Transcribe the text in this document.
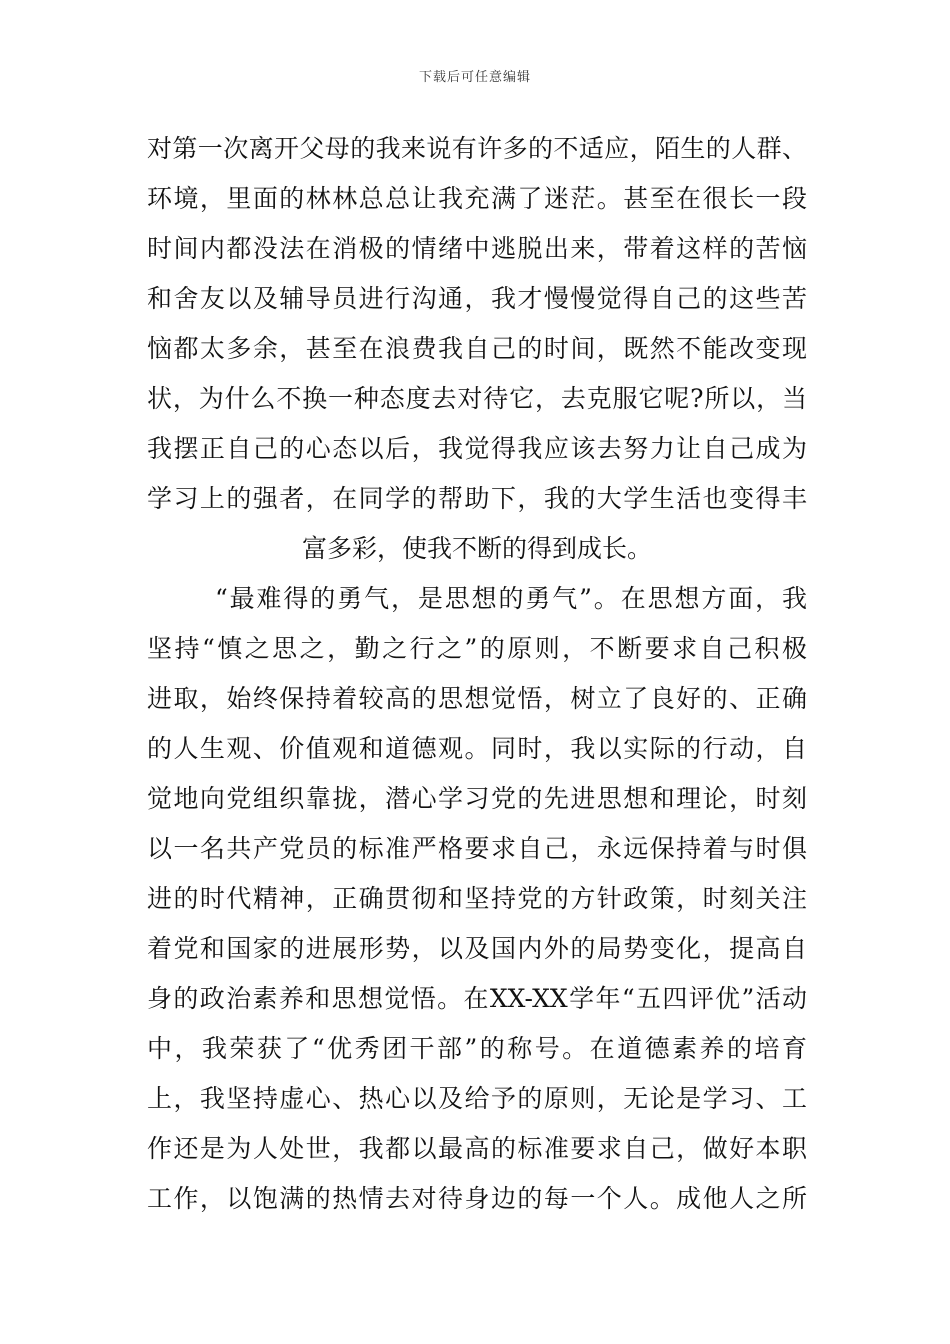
下载后可任意编辑
对第一次离开父母的我来说有许多的不适应，陌生的人群、
环境，里面的林林总总让我充满了迷茫。甚至在很长一段
时间内都没法在消极的情绪中逃脱出来，带着这样的苦恼
和舍友以及辅导员进行沟通，我才慢慢觉得自己的这些苦
恼都太多余，甚至在浪费我自己的时间，既然不能改变现
状，为什么不换一种态度去对待它，去克服它呢?所以，当
我摆正自己的心态以后，我觉得我应该去努力让自己成为
学习上的强者，在同学的帮助下，我的大学生活也变得丰
富多彩，使我不断的得到成长。
“最难得的勇气，是思想的勇气”。在思想方面，我
坚持“慎之思之，勤之行之”的原则，不断要求自己积极
进取，始终保持着较高的思想觉悟，树立了良好的、正确
的人生观、价值观和道德观。同时，我以实际的行动，自
觉地向党组织靠拢，潜心学习党的先进思想和理论，时刻
以一名共产党员的标准严格要求自己，永远保持着与时俱
进的时代精神，正确贯彻和坚持党的方针政策，时刻关注
着党和国家的进展形势，以及国内外的局势变化，提高自
身的政治素养和思想觉悟。在XX-XX学年“五四评优”活动
中，我荣获了“优秀团干部”的称号。在道德素养的培育
上，我坚持虚心、热心以及给予的原则，无论是学习、工
作还是为人处世，我都以最高的标准要求自己，做好本职
工作，以饱满的热情去对待身边的每一个人。成他人之所
